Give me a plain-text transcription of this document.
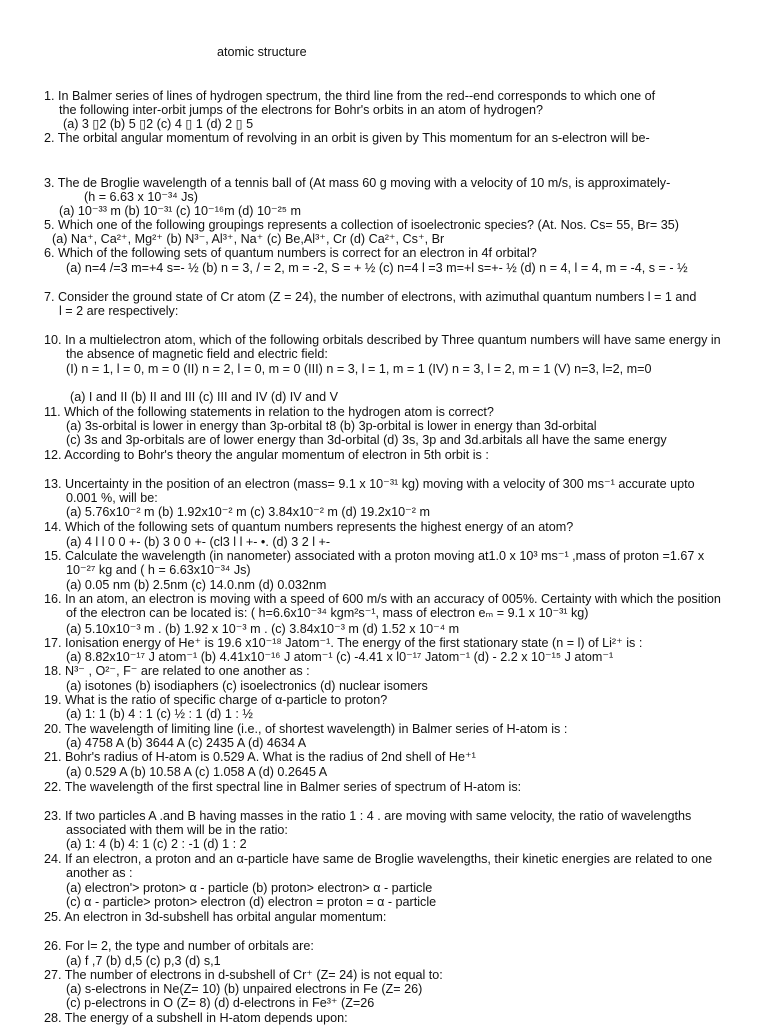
atomic structure
1. In Balmer series of lines of hydrogen spectrum, the third line from the red--end corresponds to which one of
the following inter-orbit jumps of the electrons for Bohr's orbits in an atom of hydrogen?
(a) 3 ▯2 (b) 5 ▯2 (c) 4 ▯ 1 (d) 2 ▯ 5
2. The orbital angular momentum of revolving in an orbit is given by This momentum for an s-electron will be-
3. The de Broglie wavelength of a tennis ball of (At mass 60 g moving with a velocity of 10 m/s, is approximately-
(h = 6.63 x 10⁻³⁴ Js)
(a) 10⁻³³ m (b) 10⁻³¹ (c) 10⁻¹⁶m (d) 10⁻²⁵ m
5. Which one of the following groupings represents a collection of isoelectronic species? (At. Nos. Cs= 55, Br= 35)
(a) Na⁺, Ca²⁺, Mg²⁺ (b) N³⁻, Al³⁺, Na⁺ (c) Be,Al³⁺, Cr (d) Ca²⁺, Cs⁺, Br
6. Which of the following sets of quantum numbers is correct for an electron in 4f orbital?
(a) n=4 /=3 m=+4 s=- ½ (b) n = 3, / = 2, m = -2, S = + ½ (c) n=4 l =3 m=+l s=+- ½ (d) n = 4, l = 4, m = -4, s = - ½
7. Consider the ground state of Cr atom (Z = 24), the number of electrons, with azimuthal quantum numbers l = 1 and
l = 2 are respectively:
10. In a multielectron atom, which of the following orbitals described by Three quantum numbers will have same energy in
the absence of magnetic field and electric field:
(I) n = 1, l = 0, m = 0 (II) n = 2, l = 0, m = 0 (III) n = 3, l = 1, m = 1 (IV) n = 3, l = 2, m = 1 (V) n=3, l=2, m=0
(a) I and II (b) II and III (c) III and IV (d) IV and V
11. Which of the following statements in relation to the hydrogen atom is correct?
(a) 3s-orbital is lower in energy than 3p-orbital t8 (b) 3p-orbital is lower in energy than 3d-orbital
(c) 3s and 3p-orbitals are of lower energy than 3d-orbital (d) 3s, 3p and 3d.arbitals all have the same energy
12. According to Bohr's theory the angular momentum of electron in 5th orbit is :
13. Uncertainty in the position of an electron (mass= 9.1 x 10⁻³¹ kg) moving with a velocity of 300 ms⁻¹ accurate upto
0.001 %, will be:
(a) 5.76x10⁻² m (b) 1.92x10⁻² m (c) 3.84x10⁻² m (d) 19.2x10⁻² m
14. Which of the following sets of quantum numbers represents the highest energy of an atom?
(a) 4 l l 0 0 +- (b) 3 0 0 +- (cl3 l l +- •. (d) 3 2 l +-
15. Calculate the wavelength (in nanometer) associated with a proton moving at1.0 x 10³ ms⁻¹ ,mass of proton =1.67 x
10⁻²⁷ kg and ( h = 6.63x10⁻³⁴ Js)
(a) 0.05 nm (b) 2.5nm (c) 14.0.nm (d) 0.032nm
16. In an atom, an electron is moving with a speed of 600 m/s with an accuracy of 005%. Certainty with which the position
of the electron can be located is: ( h=6.6x10⁻³⁴ kgm²s⁻¹, mass of electron eₘ = 9.1 x 10⁻³¹ kg)
(a) 5.10x10⁻³ m . (b) 1.92 x 10⁻³ m . (c) 3.84x10⁻³ m (d) 1.52 x 10⁻⁴ m
17. Ionisation energy of He⁺ is 19.6 x10⁻¹⁸ Jatom⁻¹. The energy of the first stationary state (n = l) of Li²⁺ is :
(a) 8.82x10⁻¹⁷ J atom⁻¹ (b) 4.41x10⁻¹⁶ J atom⁻¹ (c) -4.41 x l0⁻¹⁷ Jatom⁻¹ (d) - 2.2 x 10⁻¹⁵ J atom⁻¹
18. N³⁻ , O²⁻, F⁻ are related to one another as :
(a) isotones (b) isodiaphers (c) isoelectronics (d) nuclear isomers
19. What is the ratio of specific charge of α-particle to proton?
(a) 1: 1 (b) 4 : 1 (c) ½ : 1 (d) 1 : ½
20. The wavelength of limiting line (i.e., of shortest wavelength) in Balmer series of H-atom is :
(a) 4758 A (b) 3644 A (c) 2435 A (d) 4634 A
21. Bohr's radius of H-atom is 0.529 A. What is the radius of 2nd shell of He⁺¹
(a) 0.529 A (b) 10.58 A (c) 1.058 A (d) 0.2645 A
22. The wavelength of the first spectral line in Balmer series of spectrum of H-atom is:
23. If two particles A .and B having masses in the ratio 1 : 4 . are moving with same velocity, the ratio of wavelengths
associated with them will be in the ratio:
(a) 1: 4 (b) 4: 1 (c) 2 : -1 (d) 1 : 2
24. If an electron, a proton and an α-particle have same de Broglie wavelengths, their kinetic energies are related to one
another as :
(a) electron'> proton> α - particle (b) proton> electron> α - particle
(c) α - particle> proton> electron (d) electron = proton = α - particle
25. An electron in 3d-subshell has orbital angular momentum:
26. For l= 2, the type and number of orbitals are:
(a) f ,7 (b) d,5 (c) p,3 (d) s,1
27. The number of electrons in d-subshell of Cr⁺ (Z= 24) is not equal to:
(a) s-electrons in Ne(Z= 10) (b) unpaired electrons in Fe (Z= 26)
(c) p-electrons in O (Z= 8) (d) d-electrons in Fe³⁺ (Z=26
28. The energy of a subshell in H-atom depends upon:
